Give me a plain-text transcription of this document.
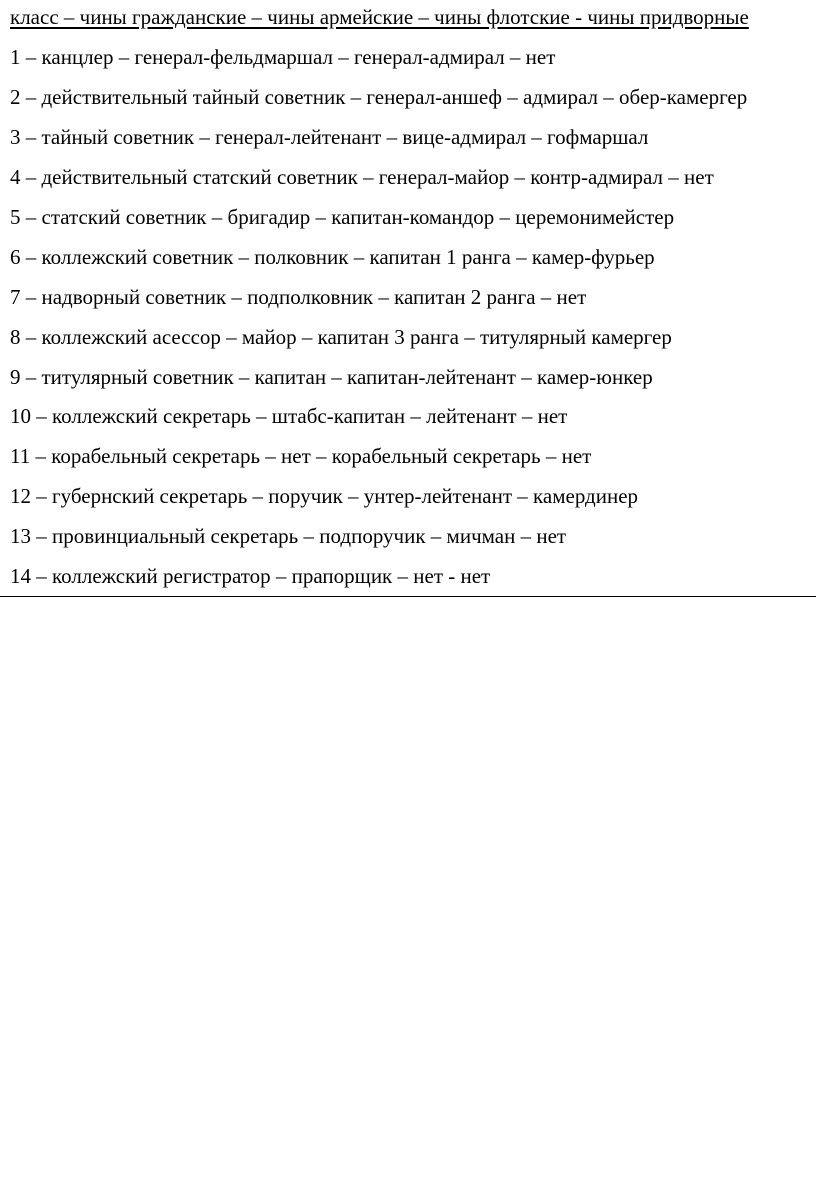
класс – чины гражданские – чины армейские – чины флотские - чины придворные
1 – канцлер – генерал-фельдмаршал – генерал-адмирал – нет
2 – действительный тайный советник – генерал-аншеф – адмирал – обер-камергер
3 – тайный советник – генерал-лейтенант – вице-адмирал – гофмаршал
4 – действительный статский советник – генерал-майор – контр-адмирал – нет
5 – статский советник – бригадир – капитан-командор – церемонимейстер
6 – коллежский советник – полковник – капитан 1 ранга – камер-фурьер
7 – надворный советник – подполковник – капитан 2 ранга – нет
8 – коллежский асессор – майор – капитан 3 ранга – титулярный камергер
9 – титулярный советник – капитан – капитан-лейтенант – камер-юнкер
10 – коллежский секретарь – штабс-капитан – лейтенант – нет
11 – корабельный секретарь – нет – корабельный секретарь – нет
12 – губернский секретарь – поручик – унтер-лейтенант – камердинер
13 – провинциальный секретарь – подпоручик – мичман – нет
14 – коллежский регистратор – прапорщик – нет - нет
